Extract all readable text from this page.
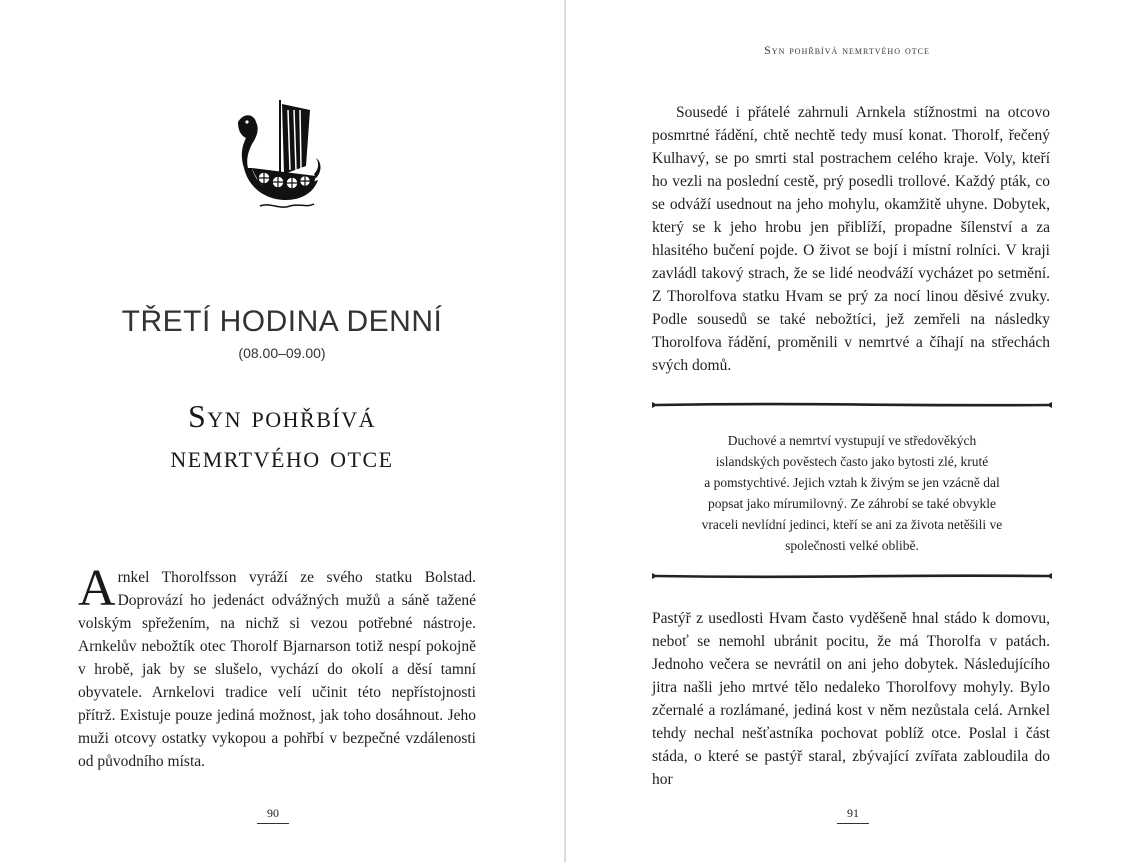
TŘETÍ HODINA DENNÍ
(08.00–09.00)
Syn pohřbívá
nemrtvého otce
A rnkel Thorolfsson vyráží ze svého statku Bolstad. Doprovází ho jedenáct odvážných mužů a sáně tažené volským spřežením, na nichž si vezou potřebné nástroje. Arnkelův nebožtík otec Thorolf Bjarnarson totiž nespí pokojně v hrobě, jak by se slušelo, vychází do okolí a děsí tamní obyvatele. Arnkelovi tradice velí učinit této nepřístojnosti přítrž. Existuje pouze jediná možnost, jak toho dosáhnout. Jeho muži otcovy ostatky vykopou a pohřbí v bezpečné vzdálenosti od původního místa.

90
Syn pohřbívá nemrtvého otce

Sousedé i přátelé zahrnuli Arnkela stížnostmi na otcovo posmrtné řádění, chtě nechtě tedy musí konat. Thorolf, řečený Kulhavý, se po smrti stal postrachem celého kraje. Voly, kteří ho vezli na poslední cestě, prý posedli trollové. Každý pták, co se odváží usednout na jeho mohylu, okamžitě uhyne. Dobytek, který se k jeho hrobu jen přiblíží, propadne šílenství a za hlasitého bučení pojde. O život se bojí i místní rolníci. V kraji zavládl takový strach, že se lidé neodváží vycházet po setmění. Z Thorolfova statku Hvam se prý za nocí linou děsivé zvuky. Podle sousedů se také nebožtíci, jež zemřeli na následky Thorolfova řádění, proměnili v nemrtvé a číhají na střechách svých domů.

Duchové a nemrtví vystupují ve středověkých
islandských pověstech často jako bytosti zlé, kruté
a pomstychtivé. Jejich vztah k živým se jen vzácně dal
popsat jako mírumilovný. Ze záhrobí se také obvykle
vraceli nevlídní jedinci, kteří se ani za života netěšili ve
společnosti velké oblibě.

Pastýř z usedlosti Hvam často vyděšeně hnal stádo k domovu, neboť se nemohl ubránit pocitu, že má Thorolfa v patách. Jednoho večera se nevrátil on ani jeho dobytek. Následujícího jitra našli jeho mrtvé tělo nedaleko Thorolfovy mohyly. Bylo zčernalé a rozlámané, jediná kost v něm nezůstala celá. Arnkel tehdy nechal nešťastníka pochovat poblíž otce. Poslal i část stáda, o které se pastýř staral, zbývající zvířata zabloudila do hor

91
